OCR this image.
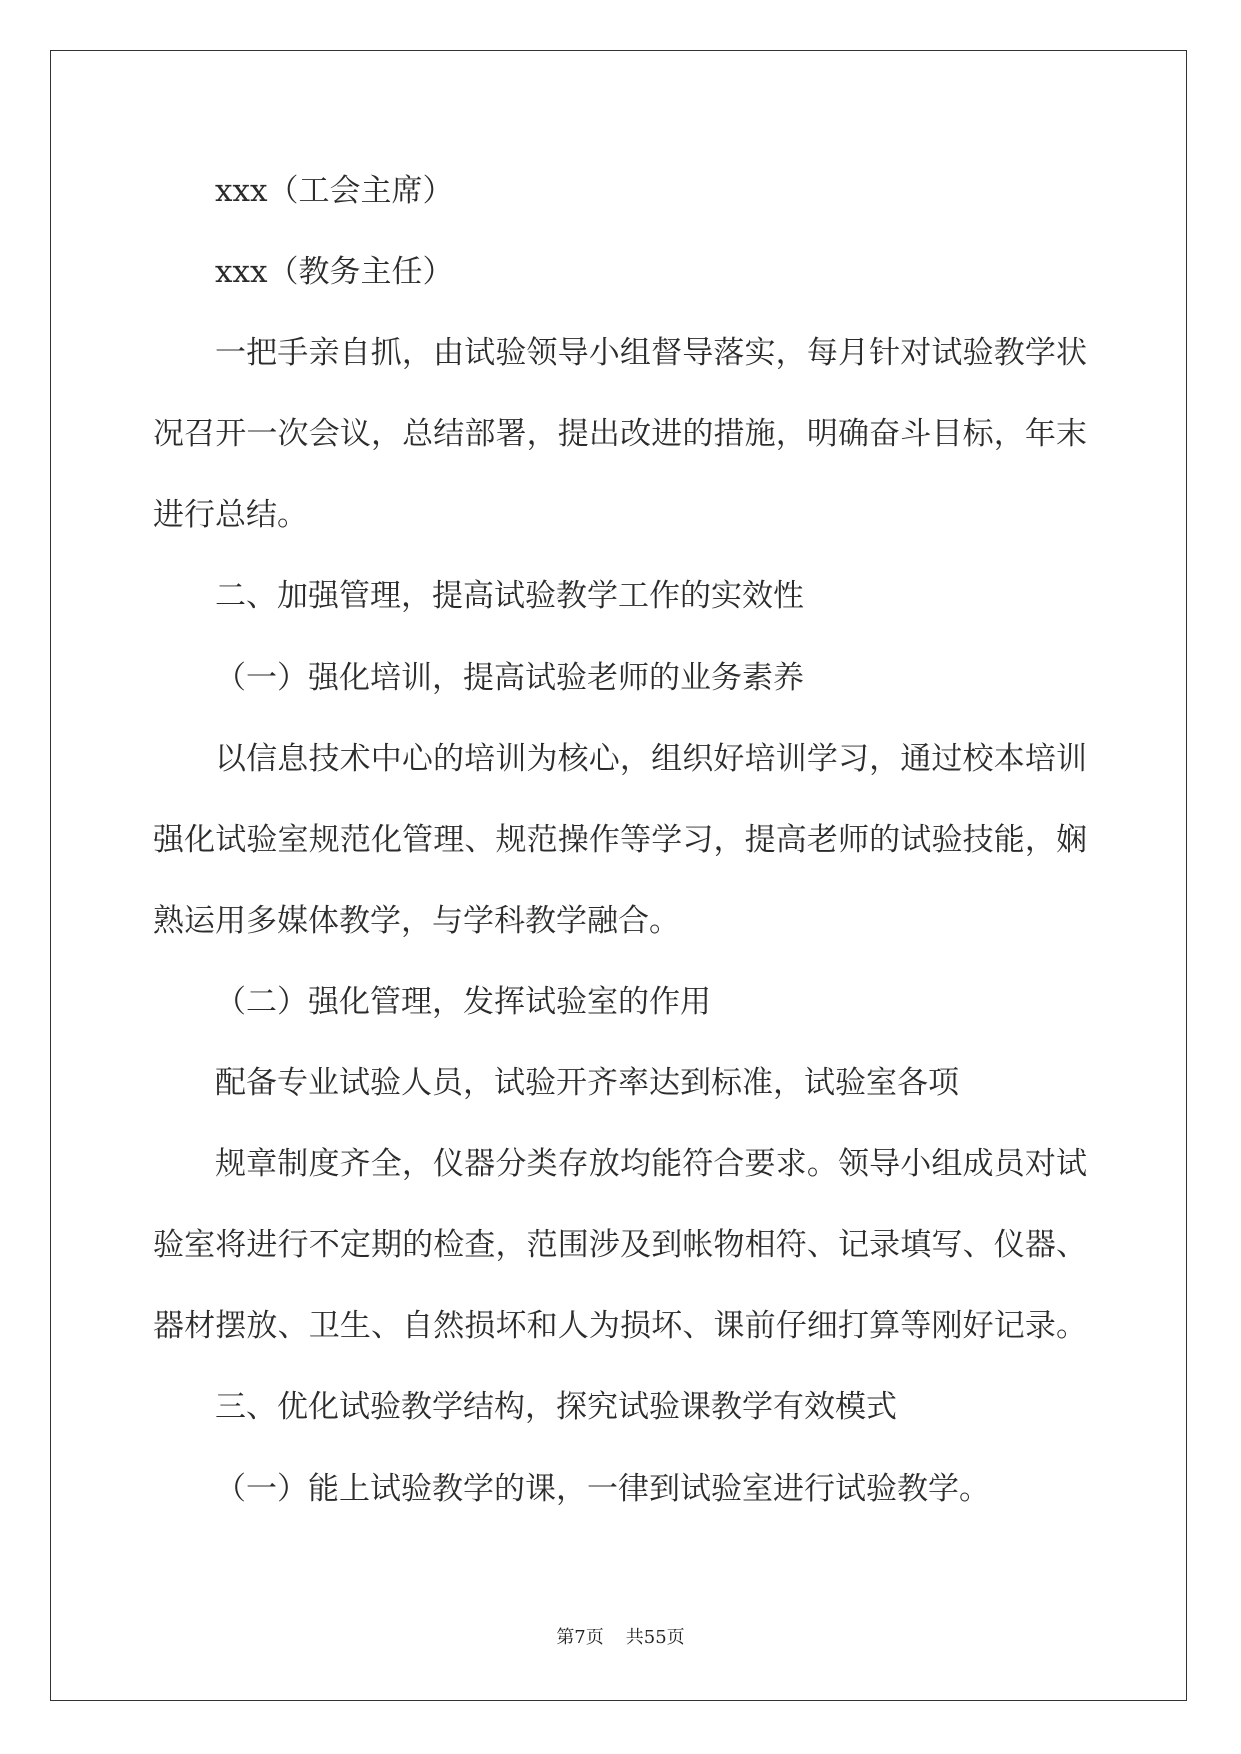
xxx（工会主席）
xxx（教务主任）
一把手亲自抓，由试验领导小组督导落实，每月针对试验教学状
况召开一次会议，总结部署，提出改进的措施，明确奋斗目标，年末
进行总结。
二、加强管理，提高试验教学工作的实效性
（一）强化培训，提高试验老师的业务素养
以信息技术中心的培训为核心，组织好培训学习，通过校本培训
强化试验室规范化管理、规范操作等学习，提高老师的试验技能，娴
熟运用多媒体教学，与学科教学融合。
（二）强化管理，发挥试验室的作用
配备专业试验人员，试验开齐率达到标准，试验室各项
规章制度齐全，仪器分类存放均能符合要求。领导小组成员对试
验室将进行不定期的检查，范围涉及到帐物相符、记录填写、仪器、
器材摆放、卫生、自然损坏和人为损坏、课前仔细打算等刚好记录。
三、优化试验教学结构，探究试验课教学有效模式
（一）能上试验教学的课，一律到试验室进行试验教学。
第7页 共55页
